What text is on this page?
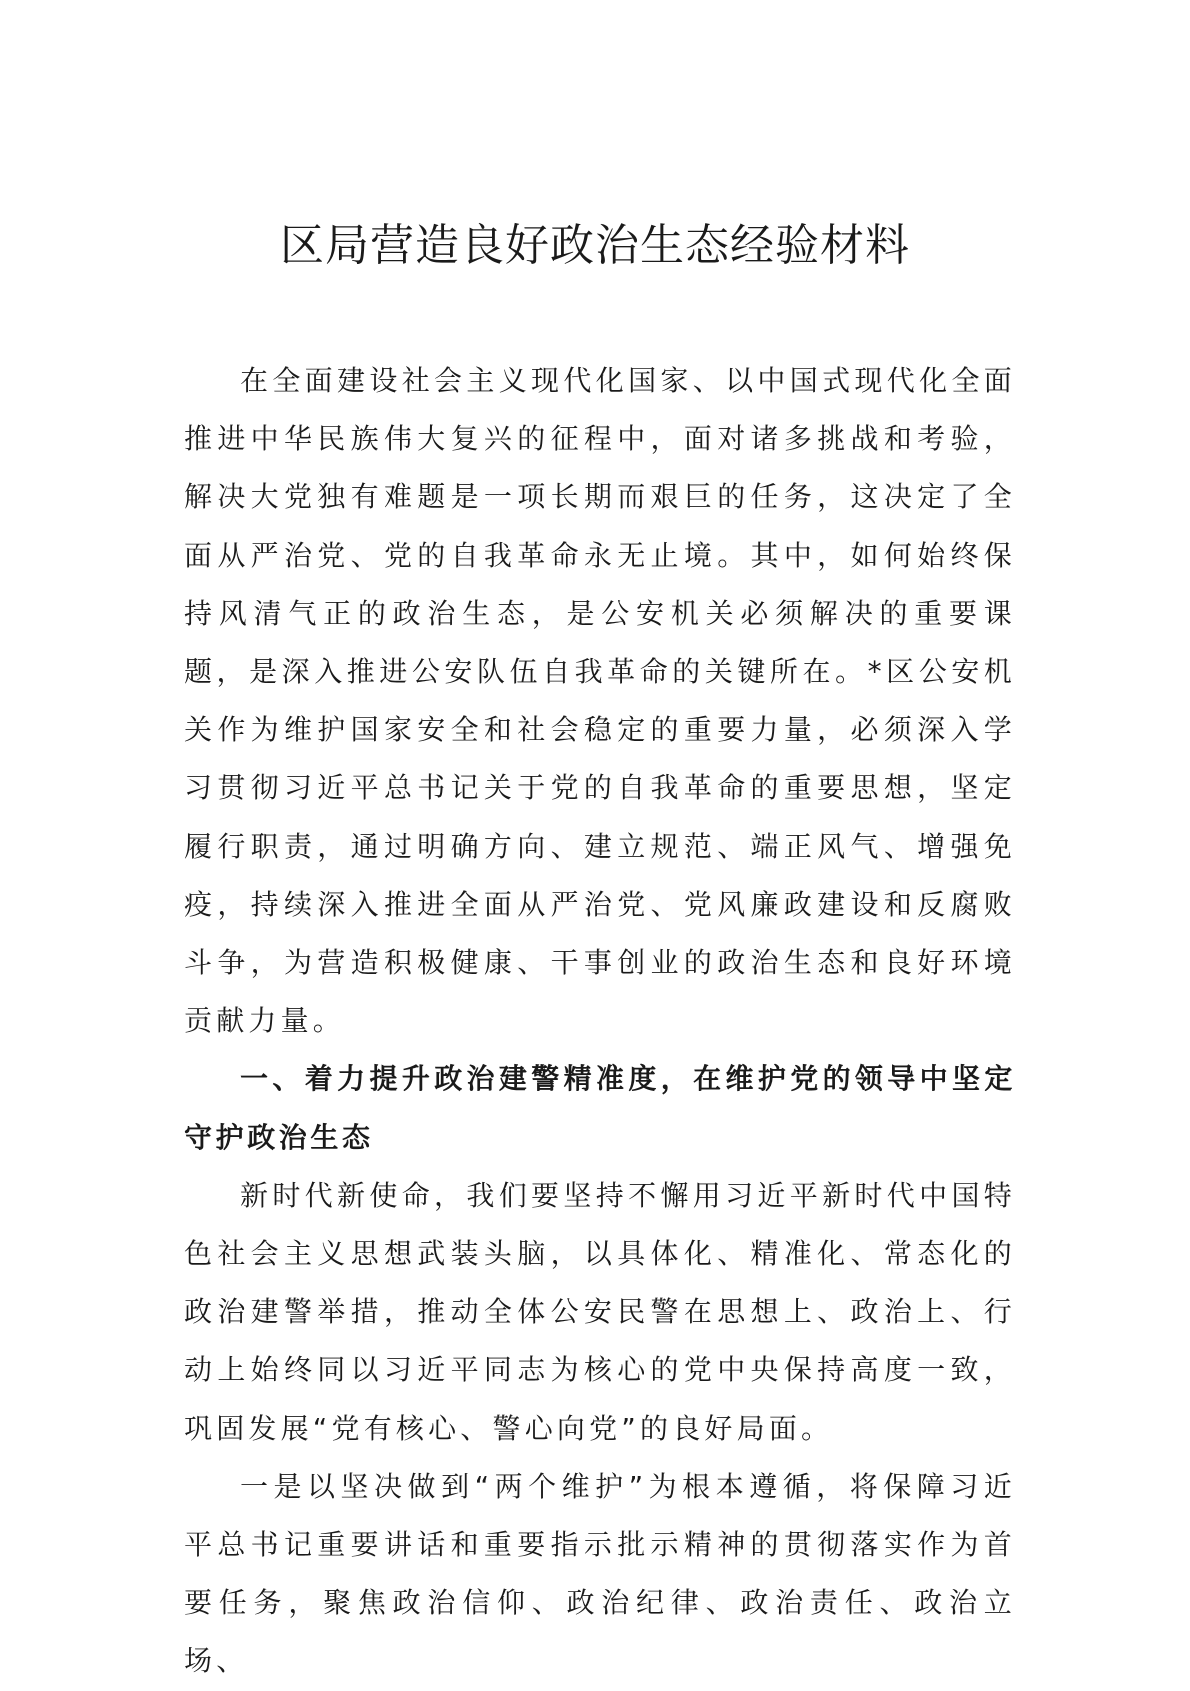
区局营造良好政治生态经验材料

在全面建设社会主义现代化国家、以中国式现代化全面推进中华民族伟大复兴的征程中，面对诸多挑战和考验，解决大党独有难题是一项长期而艰巨的任务，这决定了全面从严治党、党的自我革命永无止境。其中，如何始终保持风清气正的政治生态，是公安机关必须解决的重要课题，是深入推进公安队伍自我革命的关键所在。*区公安机关作为维护国家安全和社会稳定的重要力量，必须深入学习贯彻习近平总书记关于党的自我革命的重要思想，坚定履行职责，通过明确方向、建立规范、端正风气、增强免疫，持续深入推进全面从严治党、党风廉政建设和反腐败斗争，为营造积极健康、干事创业的政治生态和良好环境贡献力量。

一、着力提升政治建警精准度，在维护党的领导中坚定守护政治生态

新时代新使命，我们要坚持不懈用习近平新时代中国特色社会主义思想武装头脑，以具体化、精准化、常态化的政治建警举措，推动全体公安民警在思想上、政治上、行动上始终同以习近平同志为核心的党中央保持高度一致，巩固发展“党有核心、警心向党”的良好局面。

一是以坚决做到“两个维护”为根本遵循，将保障习近平总书记重要讲话和重要指示批示精神的贯彻落实作为首要任务，聚焦政治信仰、政治纪律、政治责任、政治立场、
